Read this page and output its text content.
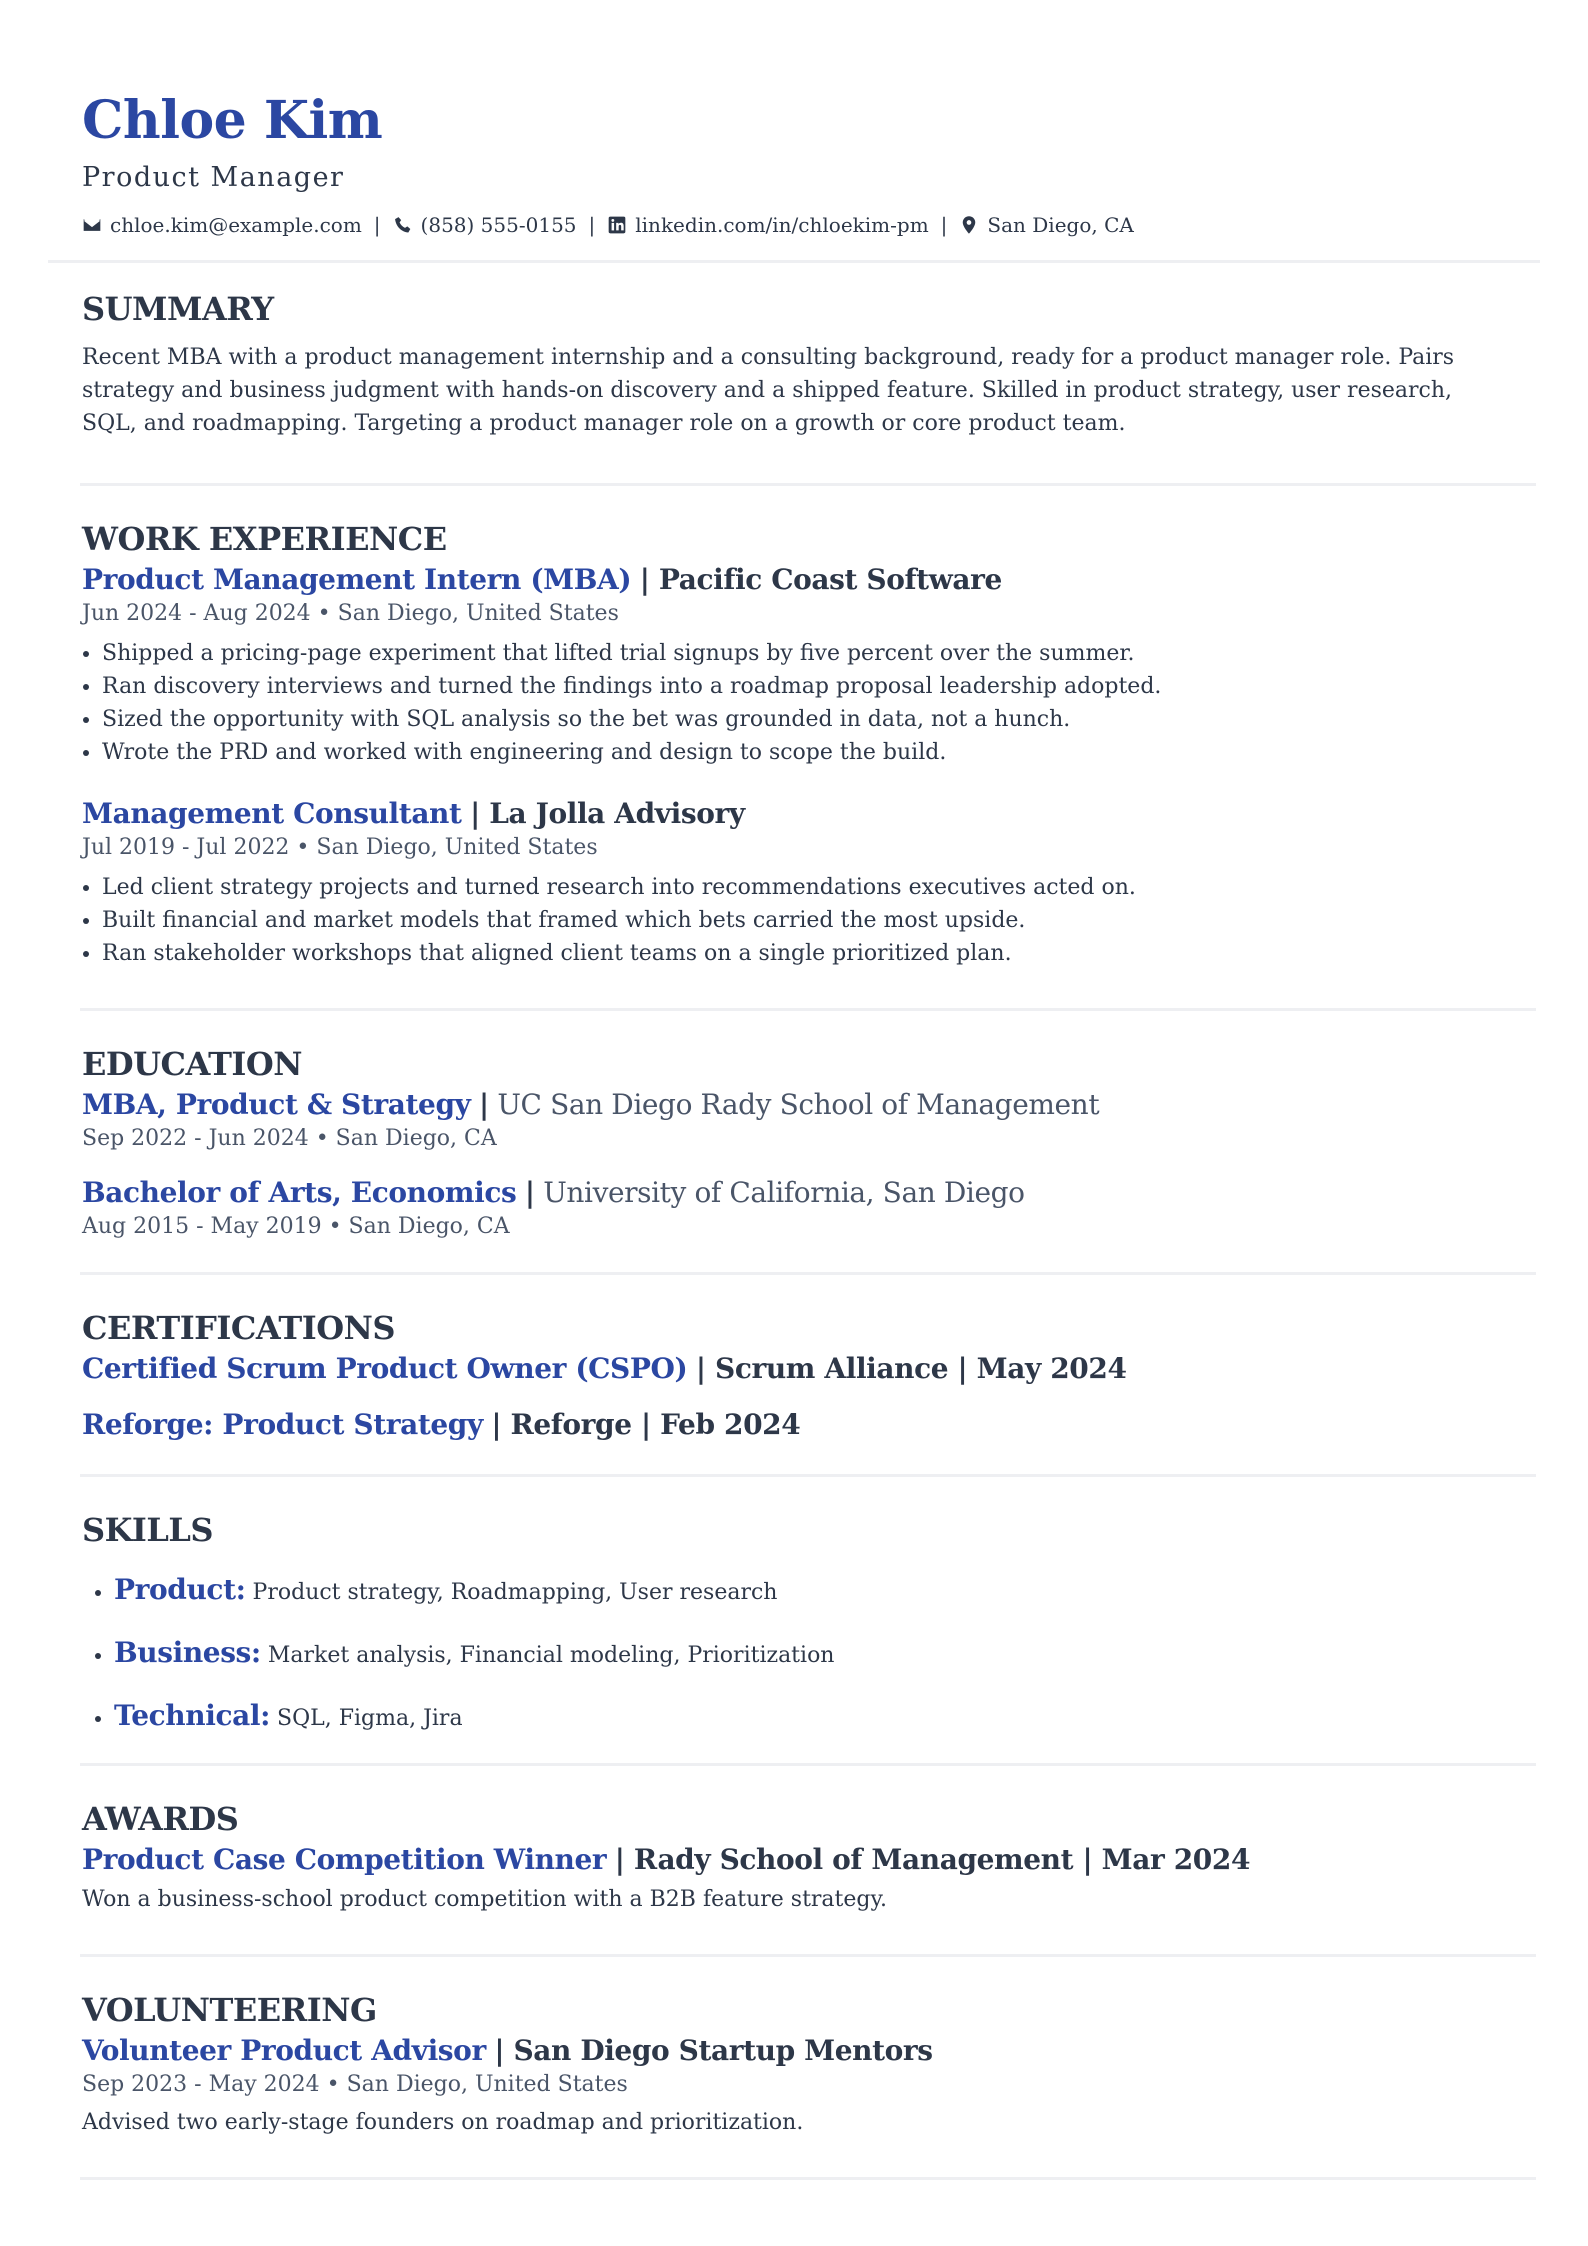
Chloe Kim
Product Manager
chloe.kim@example.com | (858) 555-0155 | linkedin.com/in/chloekim-pm | San Diego, CA
SUMMARY
Recent MBA with a product management internship and a consulting background, ready for a product manager role. Pairs strategy and business judgment with hands-on discovery and a shipped feature. Skilled in product strategy, user research, SQL, and roadmapping. Targeting a product manager role on a growth or core product team.
WORK EXPERIENCE
Product Management Intern (MBA) | Pacific Coast Software
Jun 2024 - Aug 2024 • San Diego, United States
• Shipped a pricing-page experiment that lifted trial signups by five percent over the summer.
• Ran discovery interviews and turned the findings into a roadmap proposal leadership adopted.
• Sized the opportunity with SQL analysis so the bet was grounded in data, not a hunch.
• Wrote the PRD and worked with engineering and design to scope the build.
Management Consultant | La Jolla Advisory
Jul 2019 - Jul 2022 • San Diego, United States
• Led client strategy projects and turned research into recommendations executives acted on.
• Built financial and market models that framed which bets carried the most upside.
• Ran stakeholder workshops that aligned client teams on a single prioritized plan.
EDUCATION
MBA, Product & Strategy | UC San Diego Rady School of Management
Sep 2022 - Jun 2024 • San Diego, CA
Bachelor of Arts, Economics | University of California, San Diego
Aug 2015 - May 2019 • San Diego, CA
CERTIFICATIONS
Certified Scrum Product Owner (CSPO) | Scrum Alliance | May 2024
Reforge: Product Strategy | Reforge | Feb 2024
SKILLS
• Product: Product strategy, Roadmapping, User research
• Business: Market analysis, Financial modeling, Prioritization
• Technical: SQL, Figma, Jira
AWARDS
Product Case Competition Winner | Rady School of Management | Mar 2024
Won a business-school product competition with a B2B feature strategy.
VOLUNTEERING
Volunteer Product Advisor | San Diego Startup Mentors
Sep 2023 - May 2024 • San Diego, United States
Advised two early-stage founders on roadmap and prioritization.
